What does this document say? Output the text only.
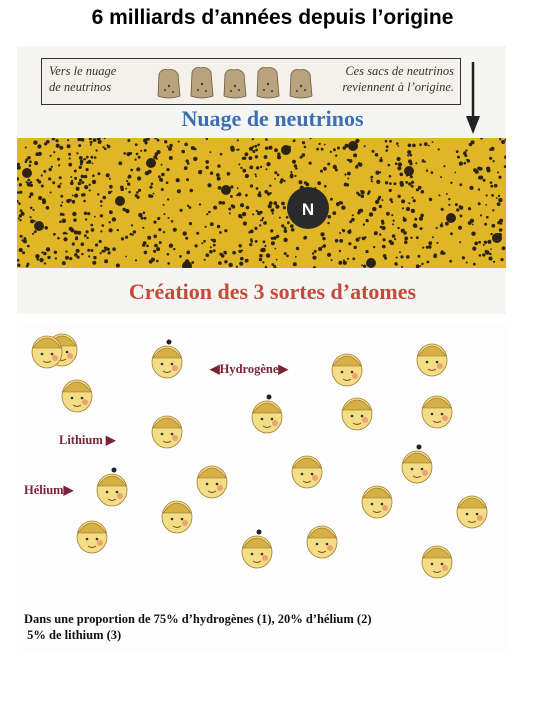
6 milliards d’années depuis l’origine
Vers le nuage
de neutrinos
Ces sacs de neutrinos
reviennent à l’origine.
Nuage de neutrinos
N
Création des 3 sortes d’atomes
◀Hydrogène▶
Lithium ▶
Hélium▶
Dans une proportion de 75% d’hydrogènes (1), 20% d’hélium (2)
5% de lithium (3)
